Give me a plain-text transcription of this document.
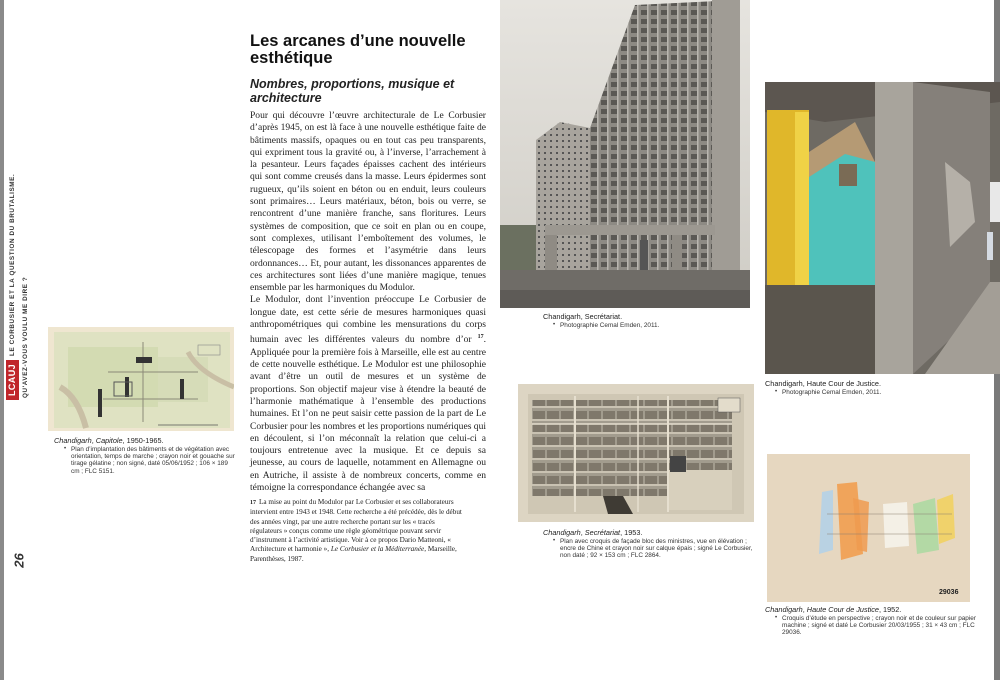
LCAUJ
LE CORBUSIER ET LA QUESTION DU BRUTALISME. QU'AVEZ-VOUS VOULU ME DIRE ?
26
Chandigarh, Capitole, 1950-1965.
• Plan d’implantation des bâtiments et de végétation avec orientation, temps de marche ; crayon noir et gouache sur tirage gélatine ; non signé, daté 05/06/1952 ; 106 × 189 cm ; FLC 5151.
Les arcanes d’une nouvelle esthétique
Nombres, proportions, musique et architecture

Pour qui découvre l’œuvre architecturale de Le Corbusier d’après 1945, on est là face à une nouvelle esthétique faite de bâtiments massifs, opaques ou en tout cas peu transparents, qui expriment tous la gravité ou, à l’inverse, l’arrachement à la pesanteur. Leurs façades épaisses cachent des intérieurs qui sont comme creusés dans la masse. Leurs épidermes sont rugueux, qu’ils soient en béton ou en enduit, leurs couleurs sont primaires… Leurs matériaux, béton, bois ou verre, se rencontrent d’une manière franche, sans floritures. Leurs systèmes de composition, que ce soit en plan ou en coupe, sont complexes, utilisant l’emboîtement des volumes, le télescopage des formes et l’asymétrie dans leurs ordonnances… Et, pour autant, les dissonances apparentes de ces architectures sont liées d’une manière magique, tenues ensemble par les harmoniques du Modulor.

Le Modulor, dont l’invention préoccupe Le Corbusier de longue date, est cette série de mesures harmoniques quasi anthropométriques qui combine les mensurations du corps humain avec les différentes valeurs du nombre d’or $^{17}$. Appliquée pour la première fois à Marseille, elle est au centre de cette nouvelle esthétique. Le Modulor est une philosophie avant d’être un outil de mesures et un système de proportions. Son objectif majeur vise à étendre la beauté de l’harmonie mathématique à l’ensemble des productions humaines. Et l’on ne peut saisir cette passion de la part de Le Corbusier pour les nombres et les proportions numériques qui en découlent, si l’on méconnaît la relation que celui-ci a toujours entretenue avec la musique. Et ce depuis sa jeunesse, au cours de laquelle, notamment en Allemagne ou en Autriche, il assiste à de nombreux concerts, comme en témoigne la correspondance échangée avec sa

17 La mise au point du Modulor par Le Corbusier et ses collaborateurs intervient entre 1943 et 1948. Cette recherche a été précédée, dès le début des années vingt, par une autre recherche portant sur les « tracés régulateurs » conçus comme une règle géométrique pouvant servir d’instrument à l’activité artistique. Voir à ce propos Dario Matteoni, « Architecture et harmonie », Le Corbusier et la Méditerranée, Marseille, Parenthèses, 1987.
Chandigarh, Secrétariat.
• Photographie Cemal Emden, 2011.
Chandigarh, Secrétariat, 1953.
• Plan avec croquis de façade bloc des ministres, vue en élévation ; encre de Chine et crayon noir sur calque épais ; signé Le Corbusier, non daté ; 92 × 153 cm ; FLC 2864.
Chandigarh, Haute Cour de Justice.
• Photographie Cemal Emden, 2011.
29036
Chandigarh, Haute Cour de Justice, 1952.
• Croquis d’étude en perspective ; crayon noir et de couleur sur papier machine ; signé et daté Le Corbusier 20/03/1955 ; 31 × 43 cm ; FLC 29036.
